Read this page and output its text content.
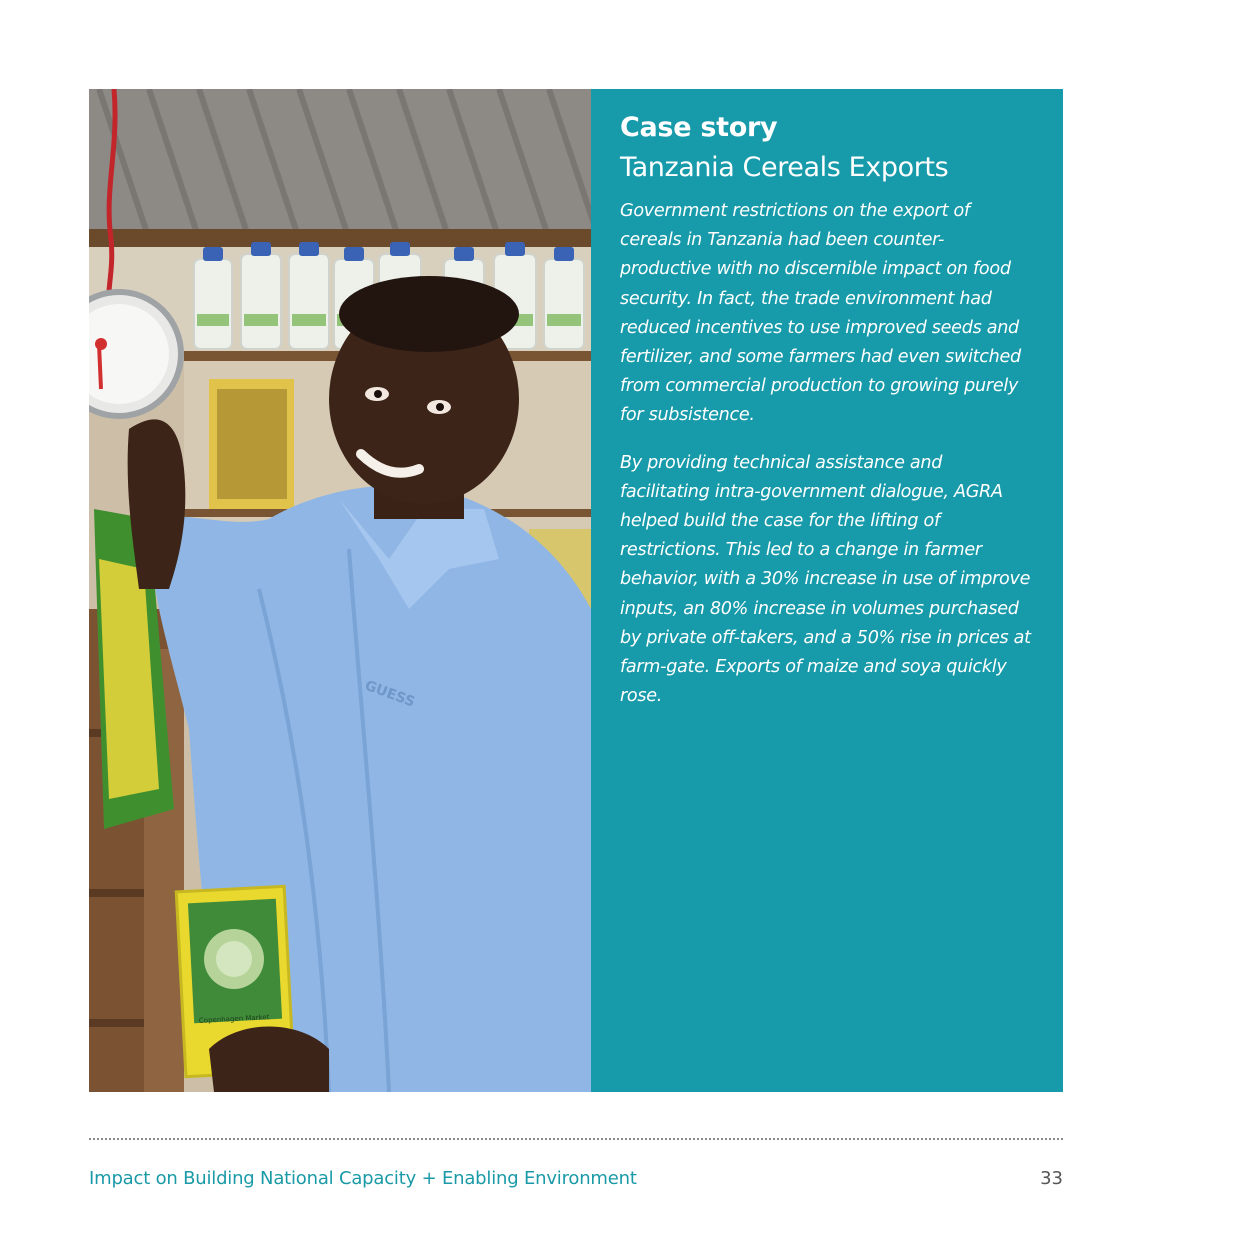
GUESS
Copenhagen Market
Case story
Tanzania Cereals Exports

Government restrictions on the export of cereals in Tanzania had been counter-productive with no discernible impact on food security. In fact, the trade environment had reduced incentives to use improved seeds and fertilizer, and some farmers had even switched from commercial production to growing purely for subsistence.

By providing technical assistance and facilitating intra-government dialogue, AGRA helped build the case for the lifting of restrictions. This led to a change in farmer behavior, with a 30% increase in use of improve inputs, an 80% increase in volumes purchased by private off-takers, and a 50% rise in prices at farm-gate. Exports of maize and soya quickly rose.

Impact on Building National Capacity + Enabling Environment	33
